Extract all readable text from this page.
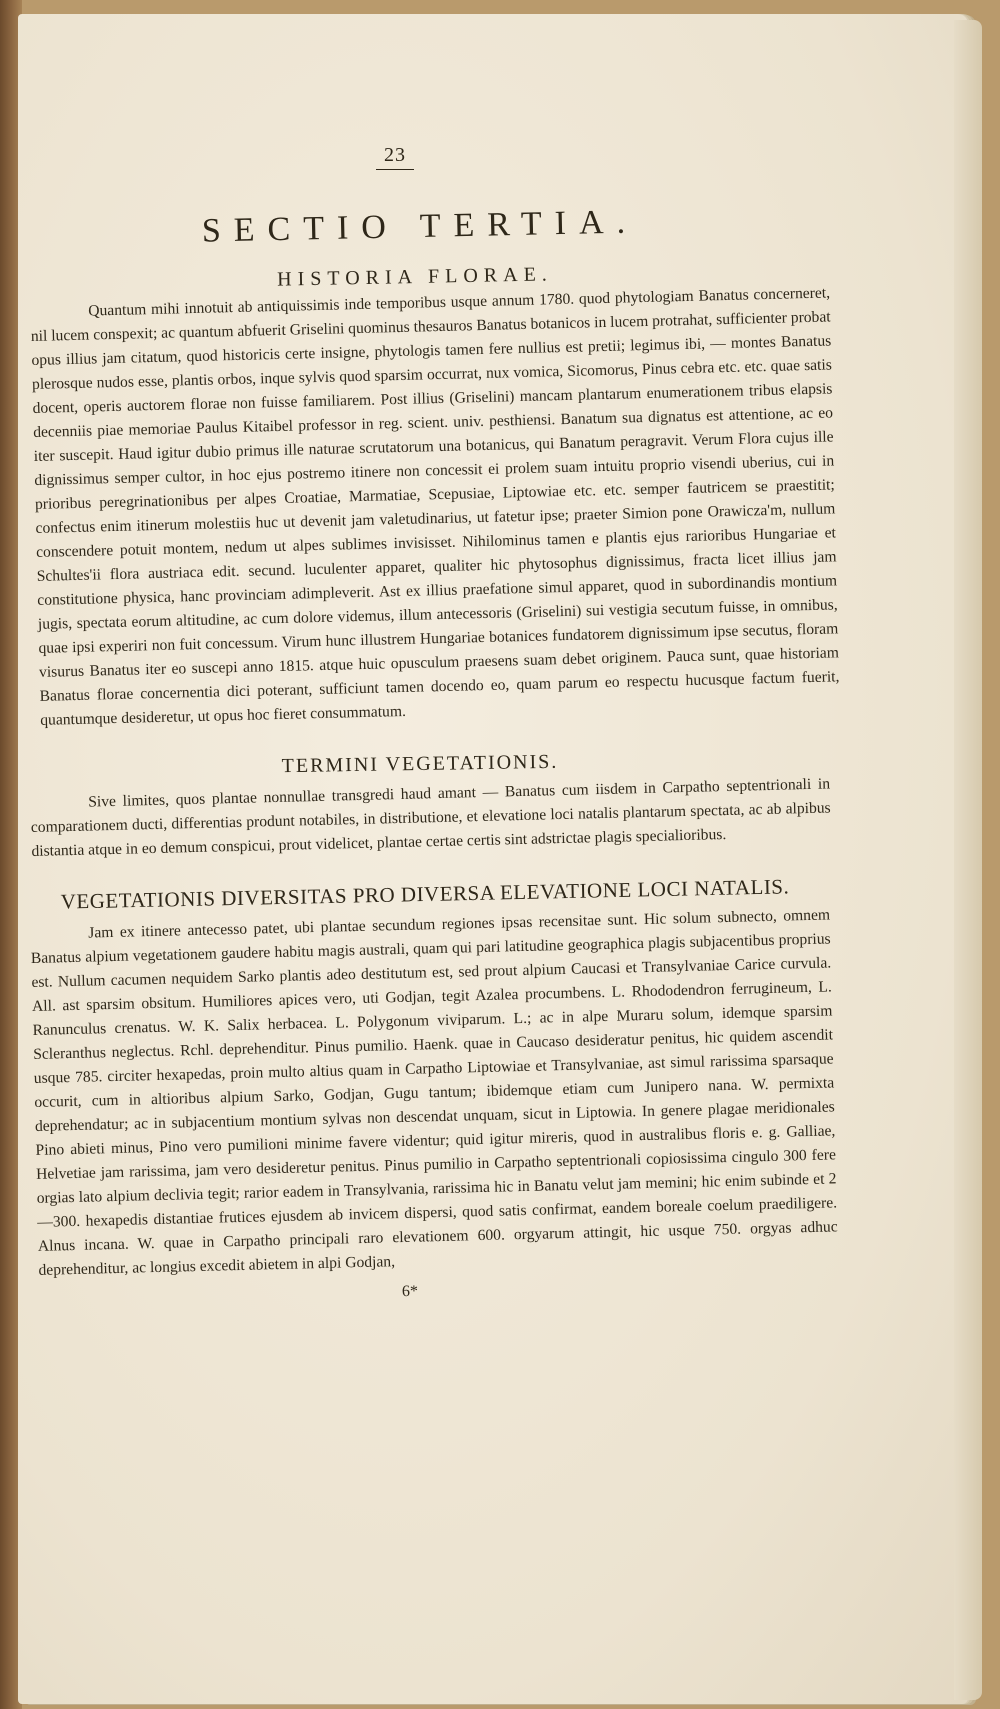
23
SECTIO TERTIA.
HISTORIA FLORAE.

Quantum mihi innotuit ab antiquissimis inde temporibus usque annum 1780. quod phytologiam Banatus concerneret, nil lucem conspexit; ac quantum abfuerit Griselini quominus thesauros Banatus botanicos in lucem protrahat, sufficienter probat opus illius jam citatum, quod historicis certe insigne, phytologis tamen fere nullius est pretii; legimus ibi, — montes Banatus plerosque nudos esse, plantis orbos, inque sylvis quod sparsim occurrat, nux vomica, Sicomorus, Pinus cebra etc. etc. quae satis docent, operis auctorem florae non fuisse familiarem. Post illius (Griselini) mancam plantarum enumerationem tribus elapsis decenniis piae memoriae Paulus Kitaibel professor in reg. scient. univ. pesthiensi. Banatum sua dignatus est attentione, ac eo iter suscepit. Haud igitur dubio primus ille naturae scrutatorum una botanicus, qui Banatum peragravit. Verum Flora cujus ille dignissimus semper cultor, in hoc ejus postremo itinere non concessit ei prolem suam intuitu proprio visendi uberius, cui in prioribus peregrinationibus per alpes Croatiae, Marmatiae, Scepusiae, Liptowiae etc. etc. semper fautricem se praestitit; confectus enim itinerum molestiis huc ut devenit jam valetudinarius, ut fatetur ipse; praeter Simion pone Orawicza'm, nullum conscendere potuit montem, nedum ut alpes sublimes invisisset. Nihilominus tamen e plantis ejus rarioribus Hungariae et Schultes'ii flora austriaca edit. secund. luculenter apparet, qualiter hic phytosophus dignissimus, fracta licet illius jam constitutione physica, hanc provinciam adimpleverit. Ast ex illius praefatione simul apparet, quod in subordinandis montium jugis, spectata eorum altitudine, ac cum dolore videmus, illum antecessoris (Griselini) sui vestigia secutum fuisse, in omnibus, quae ipsi experiri non fuit concessum. Virum hunc illustrem Hungariae botanices fundatorem dignissimum ipse secutus, floram visurus Banatus iter eo suscepi anno 1815. atque huic opusculum praesens suam debet originem. Pauca sunt, quae historiam Banatus florae concernentia dici poterant, sufficiunt tamen docendo eo, quam parum eo respectu hucusque factum fuerit, quantumque desideretur, ut opus hoc fieret consummatum.

TERMINI VEGETATIONIS.

Sive limites, quos plantae nonnullae transgredi haud amant — Banatus cum iisdem in Carpatho septentrionali in comparationem ducti, differentias produnt notabiles, in distributione, et elevatione loci natalis plantarum spectata, ac ab alpibus distantia atque in eo demum conspicui, prout videlicet, plantae certae certis sint adstrictae plagis specialioribus.

VEGETATIONIS DIVERSITAS PRO DIVERSA ELEVATIONE LOCI NATALIS.

Jam ex itinere antecesso patet, ubi plantae secundum regiones ipsas recensitae sunt. Hic solum subnecto, omnem Banatus alpium vegetationem gaudere habitu magis australi, quam qui pari latitudine geographica plagis subjacentibus proprius est. Nullum cacumen nequidem Sarko plantis adeo destitutum est, sed prout alpium Caucasi et Transylvaniae Carice curvula. All. ast sparsim obsitum. Humiliores apices vero, uti Godjan, tegit Azalea procumbens. L. Rhododendron ferrugineum, L. Ranunculus crenatus. W. K. Salix herbacea. L. Polygonum viviparum. L.; ac in alpe Muraru solum, idemque sparsim Scleranthus neglectus. Rchl. deprehenditur. Pinus pumilio. Haenk. quae in Caucaso desideratur penitus, hic quidem ascendit usque 785. circiter hexapedas, proin multo altius quam in Carpatho Liptowiae et Transylvaniae, ast simul rarissima sparsaque occurit, cum in altioribus alpium Sarko, Godjan, Gugu tantum; ibidemque etiam cum Junipero nana. W. permixta deprehendatur; ac in subjacentium montium sylvas non descendat unquam, sicut in Liptowia. In genere plagae meridionales Pino abieti minus, Pino vero pumilioni minime favere videntur; quid igitur mireris, quod in australibus floris e. g. Galliae, Helvetiae jam rarissima, jam vero desideretur penitus. Pinus pumilio in Carpatho septentrionali copiosissima cingulo 300 fere orgias lato alpium declivia tegit; rarior eadem in Transylvania, rarissima hic in Banatu velut jam memini; hic enim subinde et 2—300. hexapedis distantiae frutices ejusdem ab invicem dispersi, quod satis confirmat, eandem boreale coelum praediligere. Alnus incana. W. quae in Carpatho principali raro elevationem 600. orgyarum attingit, hic usque 750. orgyas adhuc deprehenditur, ac longius excedit abietem in alpi Godjan,

6*
